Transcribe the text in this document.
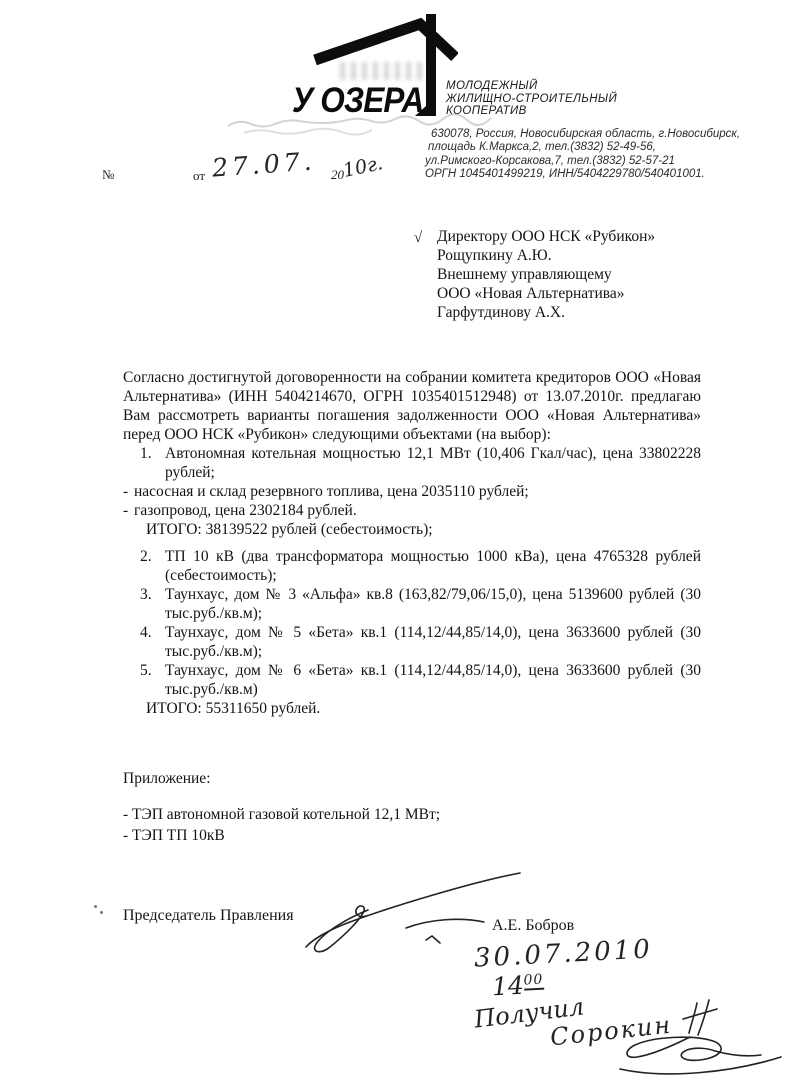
У ОЗЕРА МОЛОДЕЖНЫЙ
ЖИЛИЩНО-СТРОИТЕЛЬНЫЙ
КООПЕРАТИВ
630078, Россия, Новосибирская область, г.Новосибирск,
площадь К.Маркса,2, тел.(3832) 52-49-56,
ул.Римского-Корсакова,7, тел.(3832) 52-57-21
ОРГН 1045401499219, ИНН/5404229780/540401001.
№	от 27.07. 20
10г.
√ Директору ООО НСК «Рубикон»
Рощупкину А.Ю.
Внешнему управляющему
ООО «Новая Альтернатива»
Гарфутдинову А.Х.
Согласно достигнутой договоренности на собрании комитета кредиторов ООО «Новая Альтернатива» (ИНН 5404214670, ОГРН 1035401512948) от 13.07.2010г. предлагаю Вам рассмотреть варианты погашения задолженности ООО «Новая Альтернатива» перед ООО НСК «Рубикон» следующими объектами (на выбор):
1. Автономная котельная мощностью 12,1 МВт (10,406 Гкал/час), цена 33802228 рублей;
- насосная и склад резервного топлива, цена 2035110 рублей;
- газопровод, цена 2302184 рублей.
ИТОГО: 38139522 рублей (себестоимость);
2. ТП 10 кВ (два трансформатора мощностью 1000 кВа), цена 4765328 рублей (себестоимость);
3. Таунхаус, дом № 3 «Альфа» кв.8 (163,82/79,06/15,0), цена 5139600 рублей (30 тыс.руб./кв.м);
4. Таунхаус, дом № 5 «Бета» кв.1 (114,12/44,85/14,0), цена 3633600 рублей (30 тыс.руб./кв.м);
5. Таунхаус, дом № 6 «Бета» кв.1 (114,12/44,85/14,0), цена 3633600 рублей (30 тыс.руб./кв.м)
ИТОГО: 55311650 рублей.
Приложение:
- ТЭП автономной газовой котельной 12,1 МВт;
- ТЭП ТП 10кВ
Председатель Правления
А.Е. Бобров
30.07.2010
$14^{00}$
Получил
Сорокин
